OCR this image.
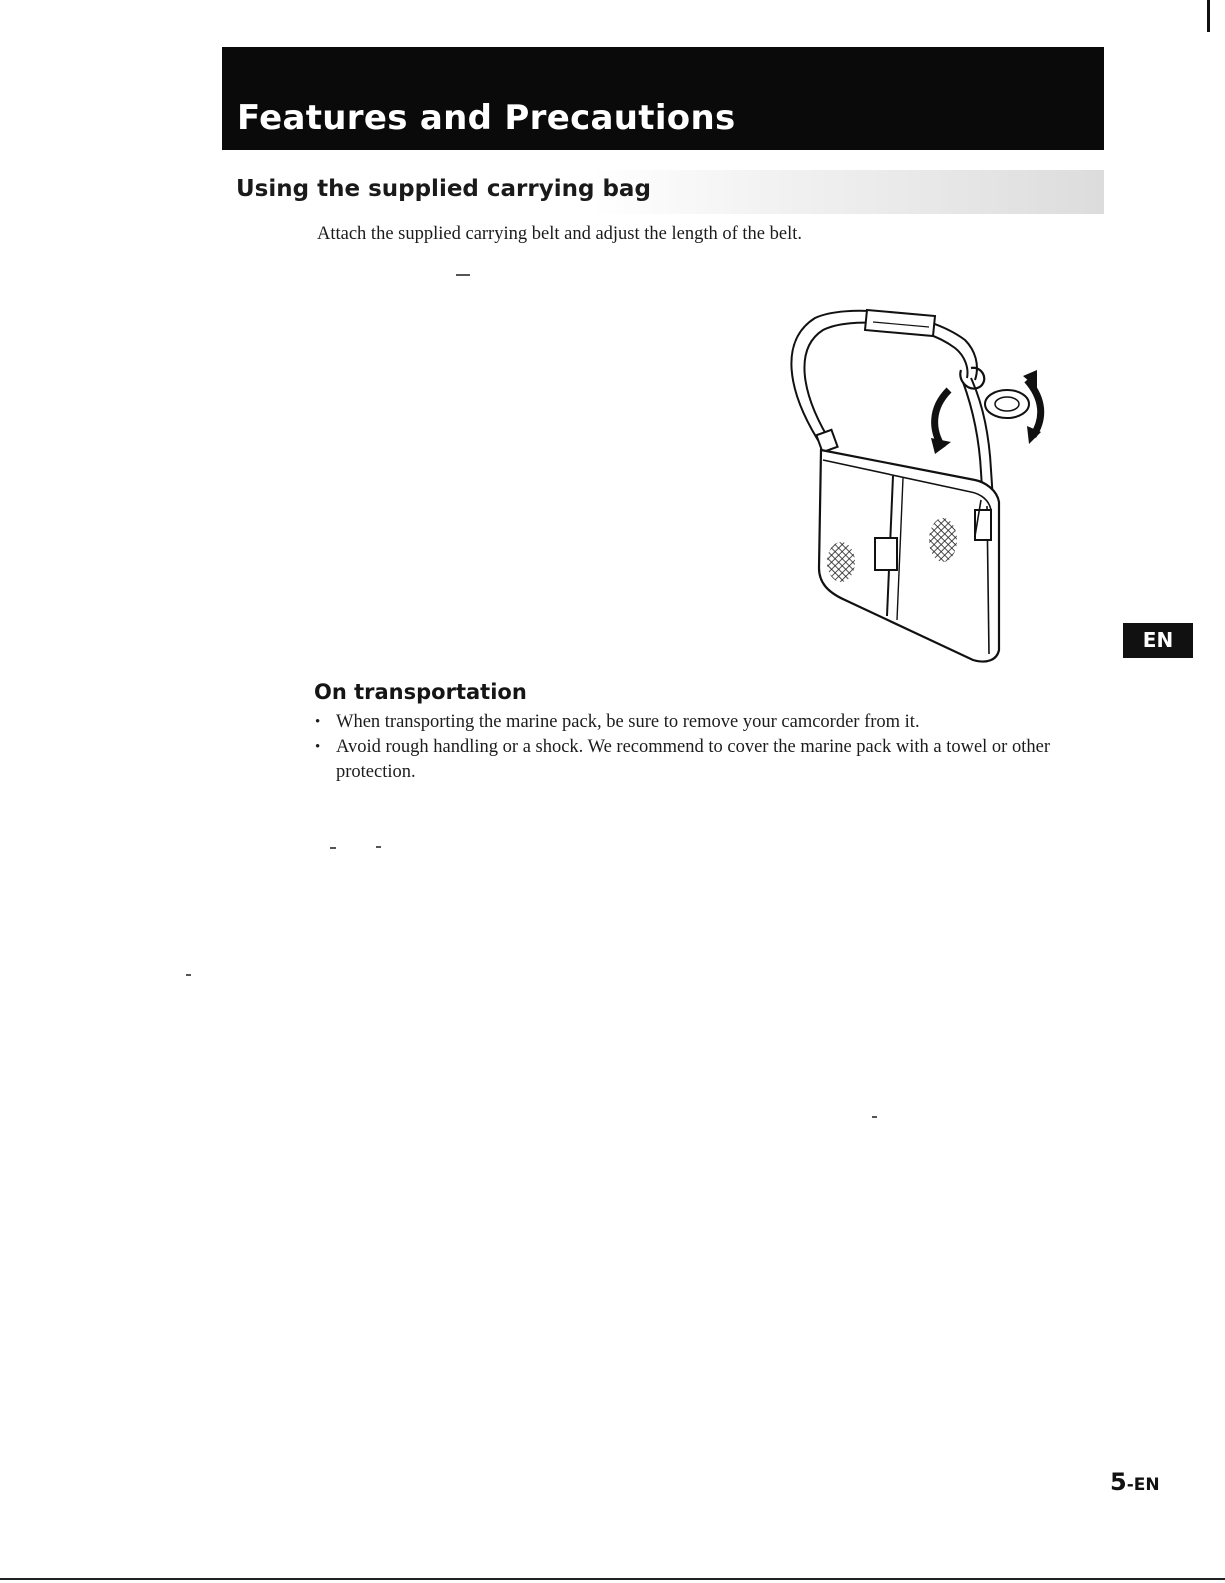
Features and Precautions
Using the supplied carrying bag
Attach the supplied carrying belt and adjust the length of the belt.
On transportation
• When transporting the marine pack, be sure to remove your camcorder from it.
• Avoid rough handling or a shock. We recommend to cover the marine pack with a towel or other protection.
EN
5-EN
